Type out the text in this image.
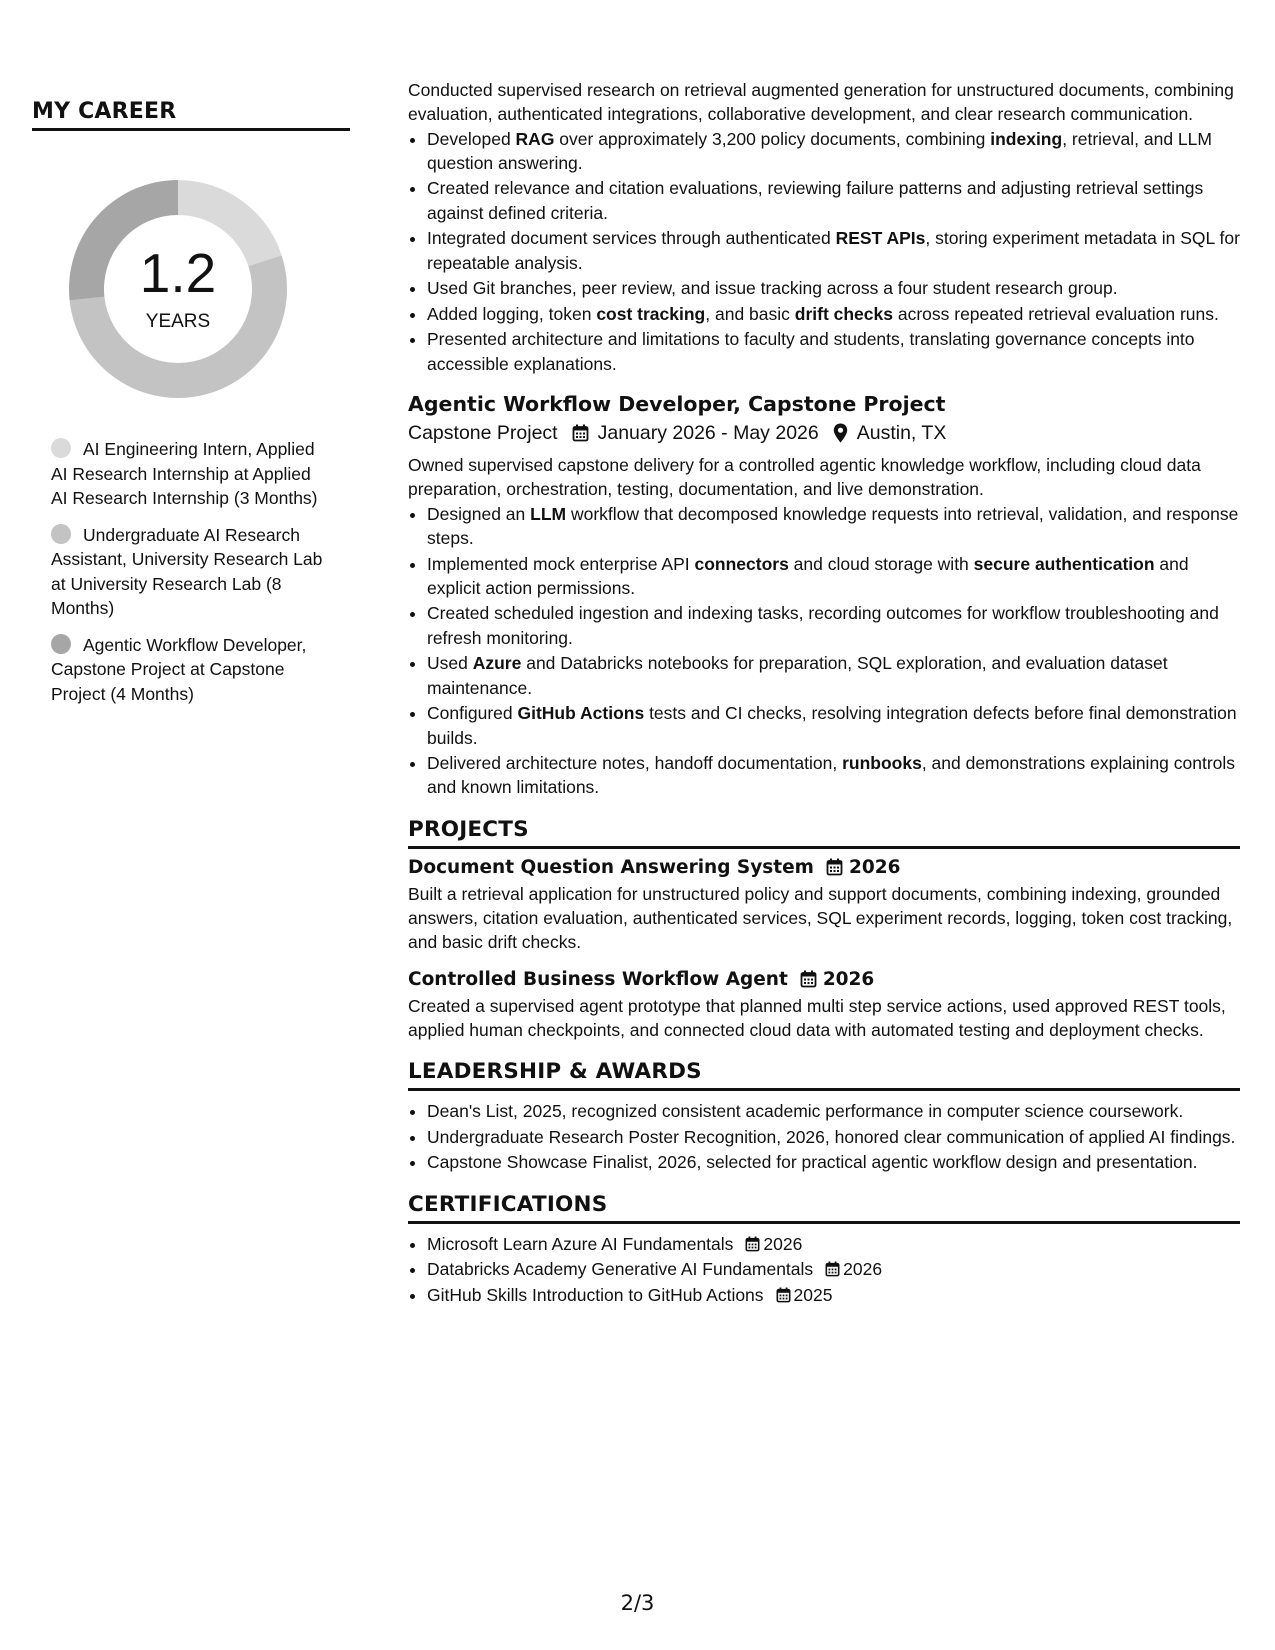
MY CAREER
1.2
YEARS
AI Engineering Intern, Applied AI Research Internship at Applied AI Research Internship (3 Months)
Undergraduate AI Research Assistant, University Research Lab at University Research Lab (8 Months)
Agentic Workflow Developer, Capstone Project at Capstone Project (4 Months)

Conducted supervised research on retrieval augmented generation for unstructured documents, combining evaluation, authenticated integrations, collaborative development, and clear research communication.

• Developed RAG over approximately 3,200 policy documents, combining indexing, retrieval, and LLM question answering.
• Created relevance and citation evaluations, reviewing failure patterns and adjusting retrieval settings against defined criteria.
• Integrated document services through authenticated REST APIs, storing experiment metadata in SQL for repeatable analysis.
• Used Git branches, peer review, and issue tracking across a four student research group.
• Added logging, token cost tracking, and basic drift checks across repeated retrieval evaluation runs.
• Presented architecture and limitations to faculty and students, translating governance concepts into accessible explanations.
Agentic Workflow Developer, Capstone Project
Capstone Project January 2026 - May 2026 Austin, TX

Owned supervised capstone delivery for a controlled agentic knowledge workflow, including cloud data preparation, orchestration, testing, documentation, and live demonstration.

• Designed an LLM workflow that decomposed knowledge requests into retrieval, validation, and response steps.
• Implemented mock enterprise API connectors and cloud storage with secure authentication and explicit action permissions.
• Created scheduled ingestion and indexing tasks, recording outcomes for workflow troubleshooting and refresh monitoring.
• Used Azure and Databricks notebooks for preparation, SQL exploration, and evaluation dataset maintenance.
• Configured GitHub Actions tests and CI checks, resolving integration defects before final demonstration builds.
• Delivered architecture notes, handoff documentation, runbooks, and demonstrations explaining controls and known limitations.
PROJECTS
Document Question Answering System 2026

Built a retrieval application for unstructured policy and support documents, combining indexing, grounded answers, citation evaluation, authenticated services, SQL experiment records, logging, token cost tracking, and basic drift checks.

Controlled Business Workflow Agent 2026

Created a supervised agent prototype that planned multi step service actions, used approved REST tools, applied human checkpoints, and connected cloud data with automated testing and deployment checks.

LEADERSHIP & AWARDS
• Dean's List, 2025, recognized consistent academic performance in computer science coursework.
• Undergraduate Research Poster Recognition, 2026, honored clear communication of applied AI findings.
• Capstone Showcase Finalist, 2026, selected for practical agentic workflow design and presentation.
CERTIFICATIONS
• Microsoft Learn Azure AI Fundamentals 2026
• Databricks Academy Generative AI Fundamentals 2026
• GitHub Skills Introduction to GitHub Actions 2025
2/3
